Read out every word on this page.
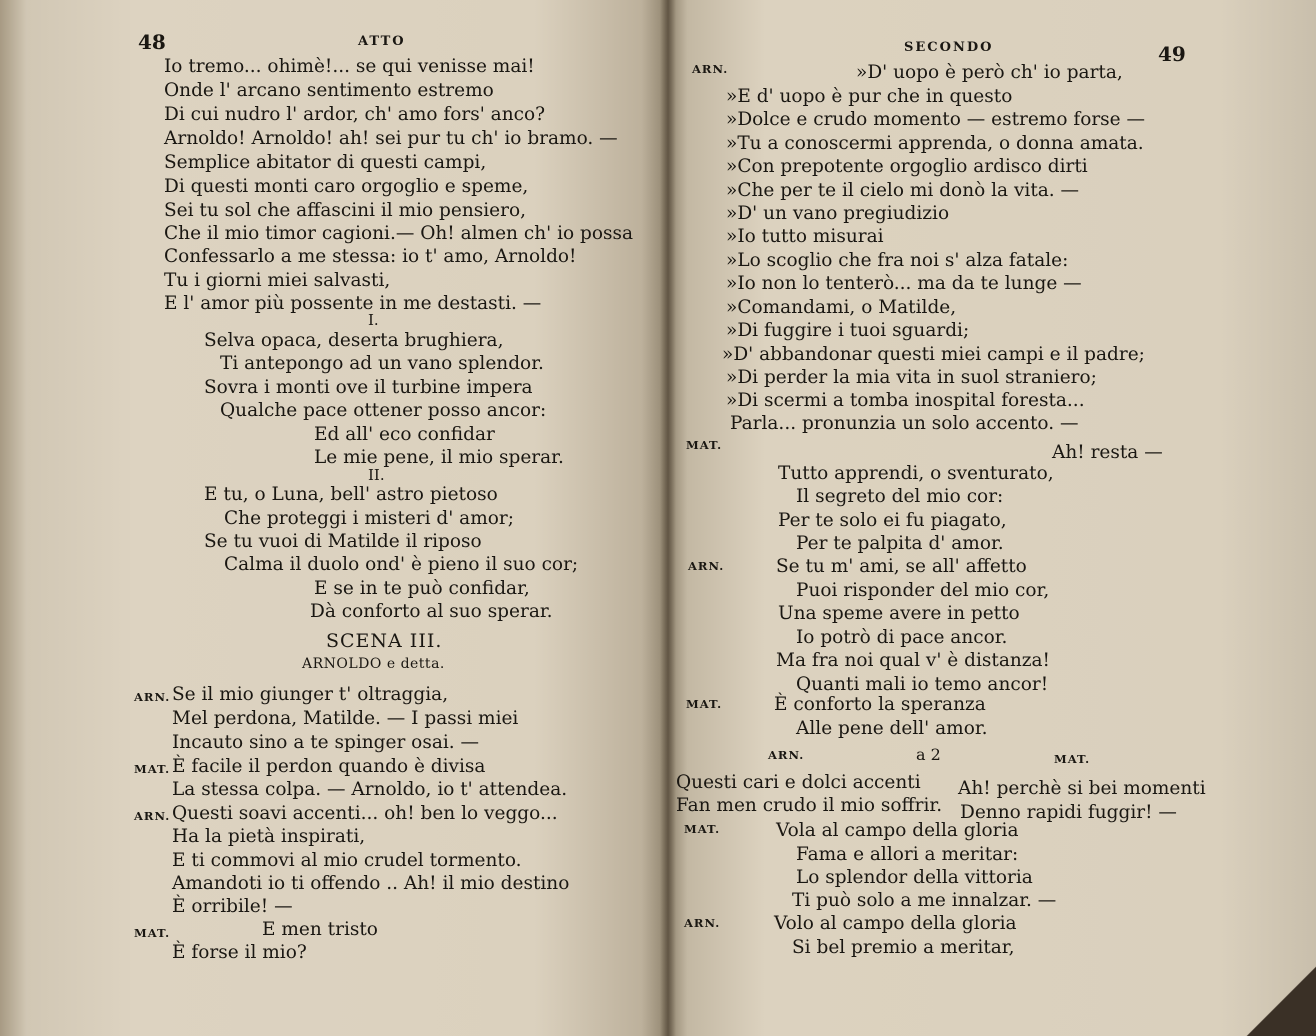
48	ATTO
Io tremo... ohimè!... se qui venisse mai!
Onde l' arcano sentimento estremo
Di cui nudro l' ardor, ch' amo fors' anco?
Arnoldo! Arnoldo! ah! sei pur tu ch' io bramo. —
Semplice abitator di questi campi,
Di questi monti caro orgoglio e speme,
Sei tu sol che affascini il mio pensiero,
Che il mio timor cagioni.— Oh! almen ch' io possa
Confessarlo a me stessa: io t' amo, Arnoldo!
Tu i giorni miei salvasti,
E l' amor più possente in me destasti. —
I.
Selva opaca, deserta brughiera,
Ti antepongo ad un vano splendor.
Sovra i monti ove il turbine impera
Qualche pace ottener posso ancor:
Ed all' eco confidar
Le mie pene, il mio sperar.
II.
E tu, o Luna, bell' astro pietoso
Che proteggi i misteri d' amor;
Se tu vuoi di Matilde il riposo
Calma il duolo ond' è pieno il suo cor;
E se in te può confidar,
Dà conforto al suo sperar.
SCENA III.
ARNOLDO e detta.
ARN. Se il mio giunger t' oltraggia,
Mel perdona, Matilde. — I passi miei
Incauto sino a te spinger osai. —
MAT. È facile il perdon quando è divisa
La stessa colpa. — Arnoldo, io t' attendea.
ARN. Questi soavi accenti... oh! ben lo veggo...
Ha la pietà inspirati,
E ti commovi al mio crudel tormento.
Amandoti io ti offendo .. Ah! il mio destino
È orribile! —
MAT.	E men tristo
È forse il mio?
SECONDO	49
ARN.	»D' uopo è però ch' io parta,
»E d' uopo è pur che in questo
»Dolce e crudo momento — estremo forse —
»Tu a conoscermi apprenda, o donna amata.
»Con prepotente orgoglio ardisco dirti
»Che per te il cielo mi donò la vita. —
»D' un vano pregiudizio
»Io tutto misurai
»Lo scoglio che fra noi s' alza fatale:
»Io non lo tenterò... ma da te lunge —
»Comandami, o Matilde,
»Di fuggire i tuoi sguardi;
»D' abbandonar questi miei campi e il padre;
»Di perder la mia vita in suol straniero;
»Di scermi a tomba inospital foresta...
Parla... pronunzia un solo accento. —
MAT.	Ah! resta —
Tutto apprendi, o sventurato,
Il segreto del mio cor:
Per te solo ei fu piagato,
Per te palpita d' amor.
ARN.	Se tu m' ami, se all' affetto
Puoi risponder del mio cor,
Una speme avere in petto
Io potrò di pace ancor.
Ma fra noi qual v' è distanza!
Quanti mali io temo ancor!
MAT.	È conforto la speranza
Alle pene dell' amor.
ARN.	a 2	MAT.
Questi cari e dolci accenti Ah! perchè si bei momenti
Fan men crudo il mio soffrir. Denno rapidi fuggir! —
MAT.	Vola al campo della gloria
Fama e allori a meritar:
Lo splendor della vittoria
Ti può solo a me innalzar. —
ARN.	Volo al campo della gloria
Si bel premio a meritar,
